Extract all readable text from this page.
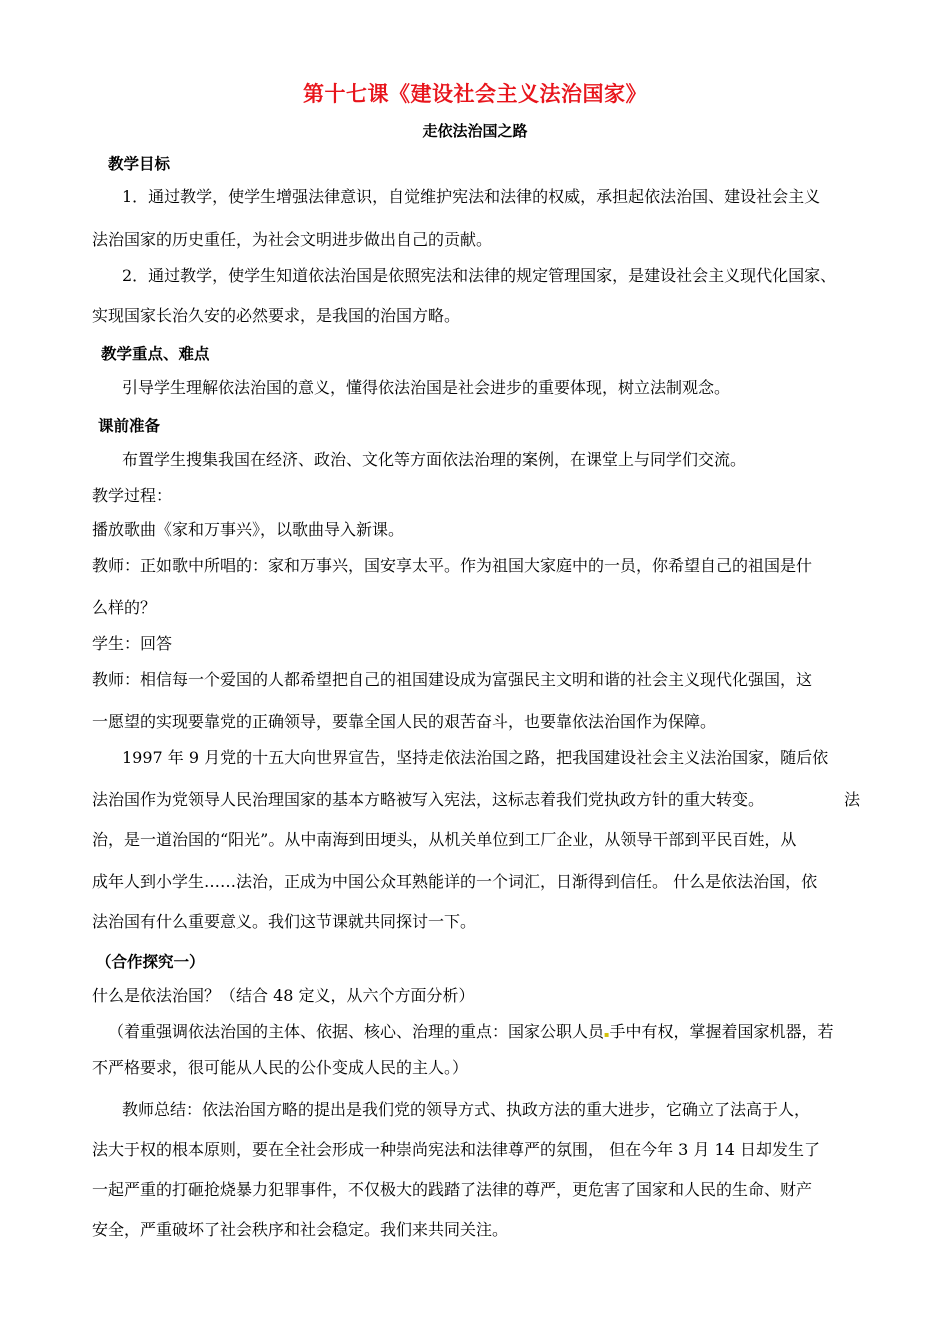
第十七课《建设社会主义法治国家》
走依法治国之路
教学目标
1．通过教学，使学生增强法律意识，自觉维护宪法和法律的权威，承担起依法治国、建设社会主义
法治国家的历史重任，为社会文明进步做出自己的贡献。
2．通过教学，使学生知道依法治国是依照宪法和法律的规定管理国家，是建设社会主义现代化国家、
实现国家长治久安的必然要求，是我国的治国方略。
教学重点、难点
引导学生理解依法治国的意义，懂得依法治国是社会进步的重要体现，树立法制观念。
课前准备
布置学生搜集我国在经济、政治、文化等方面依法治理的案例，在课堂上与同学们交流。
教学过程：
播放歌曲《家和万事兴》，以歌曲导入新课。
教师：正如歌中所唱的：家和万事兴，国安享太平。作为祖国大家庭中的一员，你希望自己的祖国是什
么样的？
学生：回答
教师：相信每一个爱国的人都希望把自己的祖国建设成为富强民主文明和谐的社会主义现代化强国，这
一愿望的实现要靠党的正确领导，要靠全国人民的艰苦奋斗，也要靠依法治国作为保障。
1997 年 9 月党的十五大向世界宣告，坚持走依法治国之路，把我国建设社会主义法治国家，随后依
法治国作为党领导人民治理国家的基本方略被写入宪法，这标志着我们党执政方针的重大转变。	法
治，是一道治国的“阳光”。从中南海到田埂头，从机关单位到工厂企业，从领导干部到平民百姓，从
成年人到小学生……法治，正成为中国公众耳熟能详的一个词汇，日渐得到信任。 什么是依法治国，依
法治国有什么重要意义。我们这节课就共同探讨一下。
（合作探究一）
什么是依法治国？（结合 48 定义，从六个方面分析）
（着重强调依法治国的主体、依据、核心、治理的重点：国家公职人员▪手中有权，掌握着国家机器，若
不严格要求，很可能从人民的公仆变成人民的主人。）
教师总结：依法治国方略的提出是我们党的领导方式、执政方法的重大进步，它确立了法高于人，
法大于权的根本原则，要在全社会形成一种崇尚宪法和法律尊严的氛围， 但在今年 3 月 14 日却发生了
一起严重的打砸抢烧暴力犯罪事件，不仅极大的践踏了法律的尊严，更危害了国家和人民的生命、财产
安全，严重破坏了社会秩序和社会稳定。我们来共同关注。
